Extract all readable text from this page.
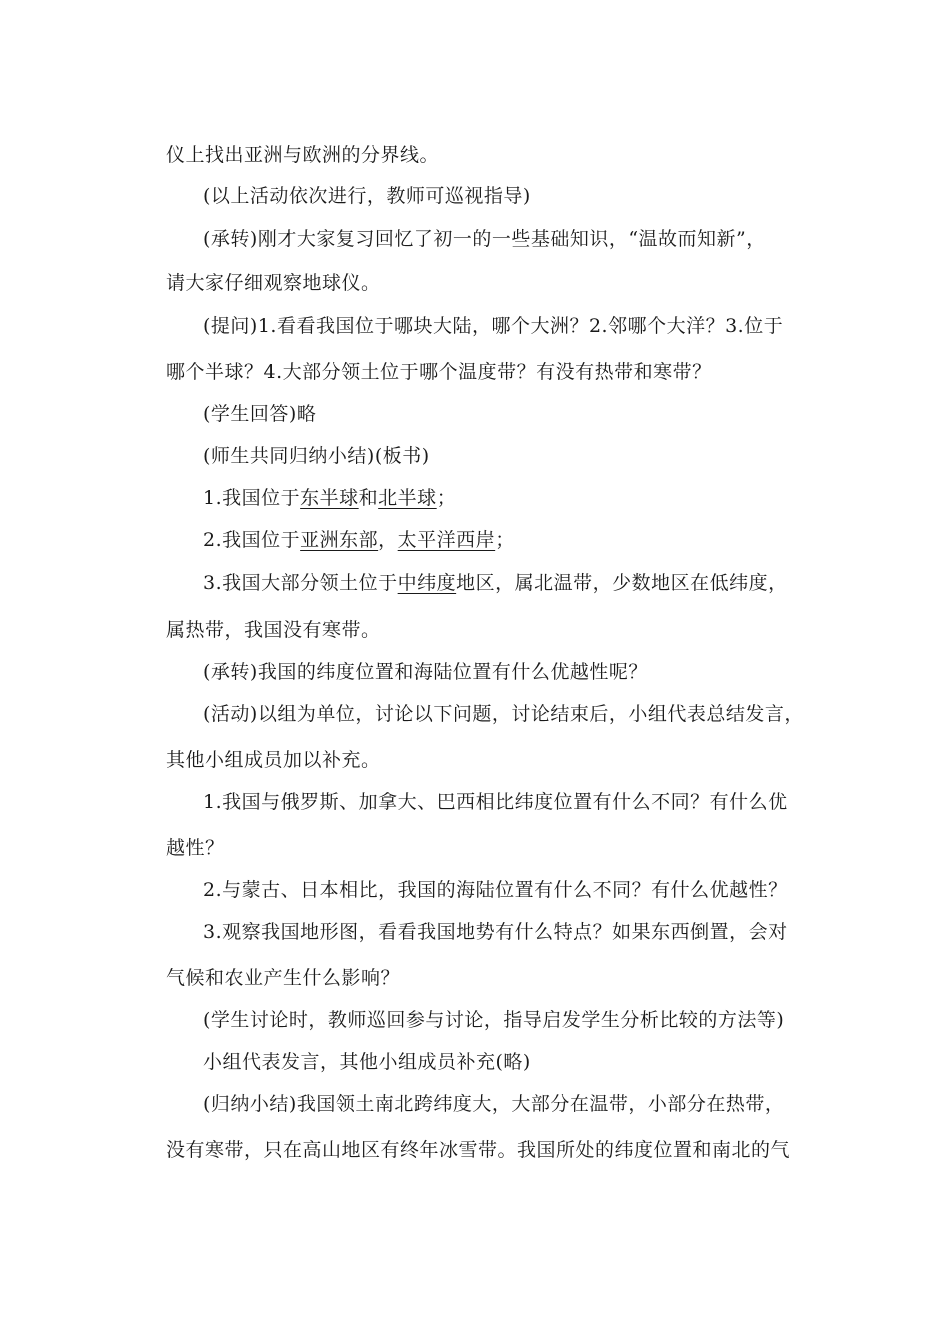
仪上找出亚洲与欧洲的分界线。
(以上活动依次进行，教师可巡视指导)
(承转)刚才大家复习回忆了初一的一些基础知识，“温故而知新”，
请大家仔细观察地球仪。
(提问)1.看看我国位于哪块大陆，哪个大洲？2.邻哪个大洋？3.位于
哪个半球？4.大部分领土位于哪个温度带？有没有热带和寒带？
(学生回答)略
(师生共同归纳小结)(板书)
1.我国位于东半球和北半球；
2.我国位于亚洲东部，太平洋西岸；
3.我国大部分领土位于中纬度地区，属北温带，少数地区在低纬度，
属热带，我国没有寒带。
(承转)我国的纬度位置和海陆位置有什么优越性呢？
(活动)以组为单位，讨论以下问题，讨论结束后，小组代表总结发言，
其他小组成员加以补充。
1.我国与俄罗斯、加拿大、巴西相比纬度位置有什么不同？有什么优
越性？
2.与蒙古、日本相比，我国的海陆位置有什么不同？有什么优越性？
3.观察我国地形图，看看我国地势有什么特点？如果东西倒置，会对
气候和农业产生什么影响？
(学生讨论时，教师巡回参与讨论，指导启发学生分析比较的方法等)
小组代表发言，其他小组成员补充(略)
(归纳小结)我国领土南北跨纬度大，大部分在温带，小部分在热带，
没有寒带，只在高山地区有终年冰雪带。我国所处的纬度位置和南北的气
